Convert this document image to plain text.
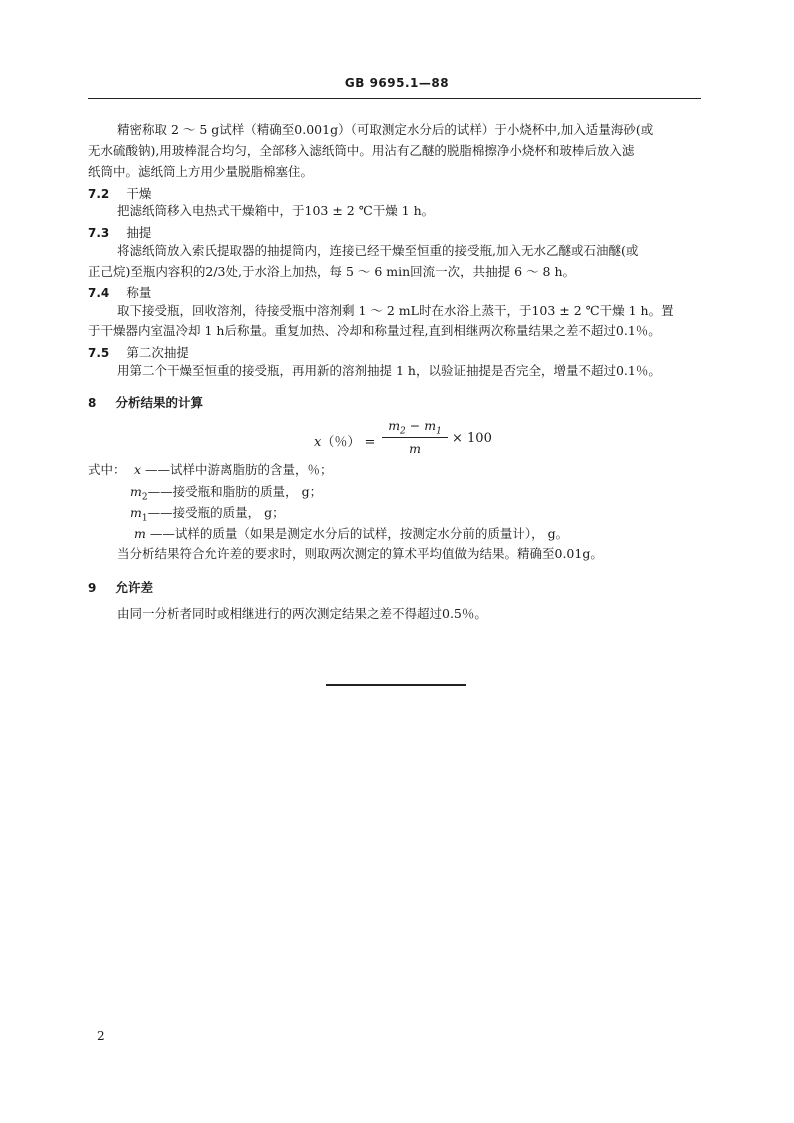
GB 9695.1—88
精密称取 2 ～ 5 g试样（精确至0.001g）（可取测定水分后的试样）于小烧杯中,加入适量海砂(或
无水硫酸钠),用玻棒混合均匀，全部移入滤纸筒中。用沾有乙醚的脱脂棉擦净小烧杯和玻棒后放入滤
纸筒中。滤纸筒上方用少量脱脂棉塞住。
7.2 干燥
把滤纸筒移入电热式干燥箱中，于103 ± 2 ℃干燥 1 h。
7.3 抽提
将滤纸筒放入索氏提取器的抽提筒内，连接已经干燥至恒重的接受瓶,加入无水乙醚或石油醚(或
正己烷)至瓶内容积的2/3处,于水浴上加热，每 5 ～ 6 min回流一次，共抽提 6 ～ 8 h。
7.4 称量
取下接受瓶，回收溶剂，待接受瓶中溶剂剩 1 ～ 2 mL时在水浴上蒸干，于103 ± 2 ℃干燥 1 h。置
于干燥器内室温冷却 1 h后称量。重复加热、冷却和称量过程,直到相继两次称量结果之差不超过0.1％。
7.5 第二次抽提
用第二个干燥至恒重的接受瓶，再用新的溶剂抽提 1 h，以验证抽提是否完全，增量不超过0.1％。
8 分析结果的计算
x（％） =
$m_2 - m_1$
m
× 100
式中： x ——试样中游离脂肪的含量，％；
$m_2——$接受瓶和脂肪的质量， g；
$m_1——$接受瓶的质量， g；
m ——试样的质量（如果是测定水分后的试样，按测定水分前的质量计）， g。
当分析结果符合允许差的要求时，则取两次测定的算术平均值做为结果。精确至0.01g。
9 允许差
由同一分析者同时或相继进行的两次测定结果之差不得超过0.5％。
2
